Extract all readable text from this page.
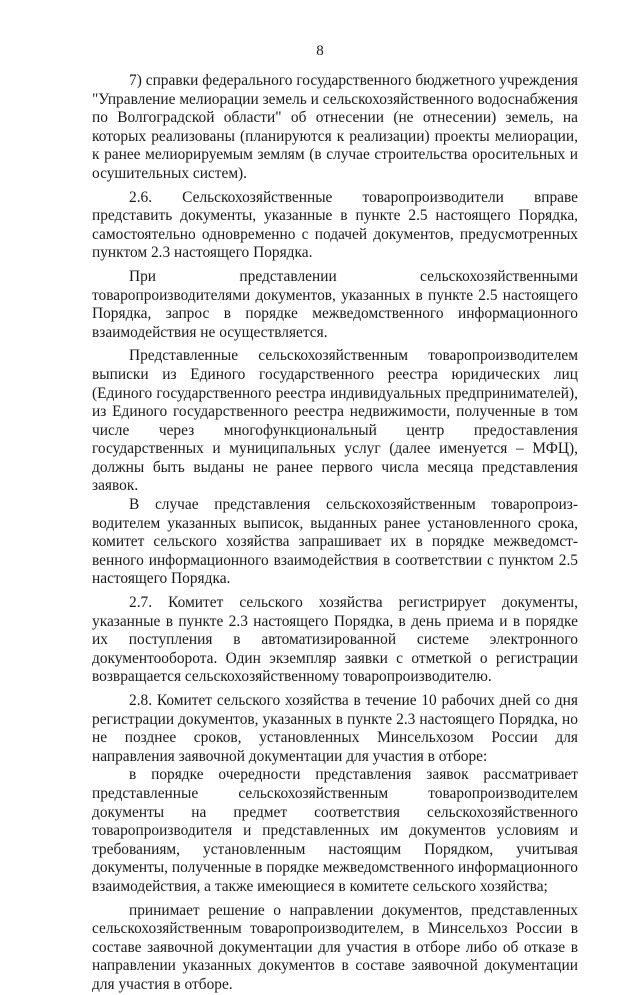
8

7) справки федерального государственного бюджетного учреждения "Управление мелиорации земель и сельскохозяйственного водоснабжения по Волгоградской области" об отнесении (не отнесении) земель, на которых реализованы (планируются к реализации) проекты мелиорации, к ранее мелиорируемым землям (в случае строительства оросительных и осушительных систем).

2.6. Сельскохозяйственные товаропроизводители вправе представить документы, указанные в пункте 2.5 настоящего Порядка, самостоятельно одновременно с подачей документов, предусмотренных пунктом 2.3 настоящего Порядка.

При представлении сельскохозяйственными товаропроизводителями документов, указанных в пункте 2.5 настоящего Порядка, запрос в порядке межведомственного информационного взаимодействия не осуществляется.

Представленные сельскохозяйственным товаропроизводителем выписки из Единого государственного реестра юридических лиц (Единого государственного реестра индивидуальных предпринимателей), из Единого государственного реестра недвижимости, полученные в том числе через многофункциональный центр предоставления государственных и муниципальных услуг (далее именуется – МФЦ), должны быть выданы не ранее первого числа месяца представления заявок.

В случае представления сельскохозяйственным товаропроиз-водителем указанных выписок, выданных ранее установленного срока, комитет сельского хозяйства запрашивает их в порядке межведомст-венного информационного взаимодействия в соответствии с пунктом 2.5 настоящего Порядка.

2.7. Комитет сельского хозяйства регистрирует документы, указанные в пункте 2.3 настоящего Порядка, в день приема и в порядке их поступления в автоматизированной системе электронного документооборота. Один экземпляр заявки с отметкой о регистрации возвращается сельскохозяйственному товаропроизводителю.

2.8. Комитет сельского хозяйства в течение 10 рабочих дней со дня регистрации документов, указанных в пункте 2.3 настоящего Порядка, но не позднее сроков, установленных Минсельхозом России для направления заявочной документации для участия в отборе:

в порядке очередности представления заявок рассматривает представленные сельскохозяйственным товаропроизводителем документы на предмет соответствия сельскохозяйственного товаропроизводителя и представленных им документов условиям и требованиям, установленным настоящим Порядком, учитывая документы, полученные в порядке межведомственного информационного взаимодействия, а также имеющиеся в комитете сельского хозяйства;

принимает решение о направлении документов, представленных сельскохозяйственным товаропроизводителем, в Минсельхоз России в составе заявочной документации для участия в отборе либо об отказе в направлении указанных документов в составе заявочной документации для участия в отборе.
